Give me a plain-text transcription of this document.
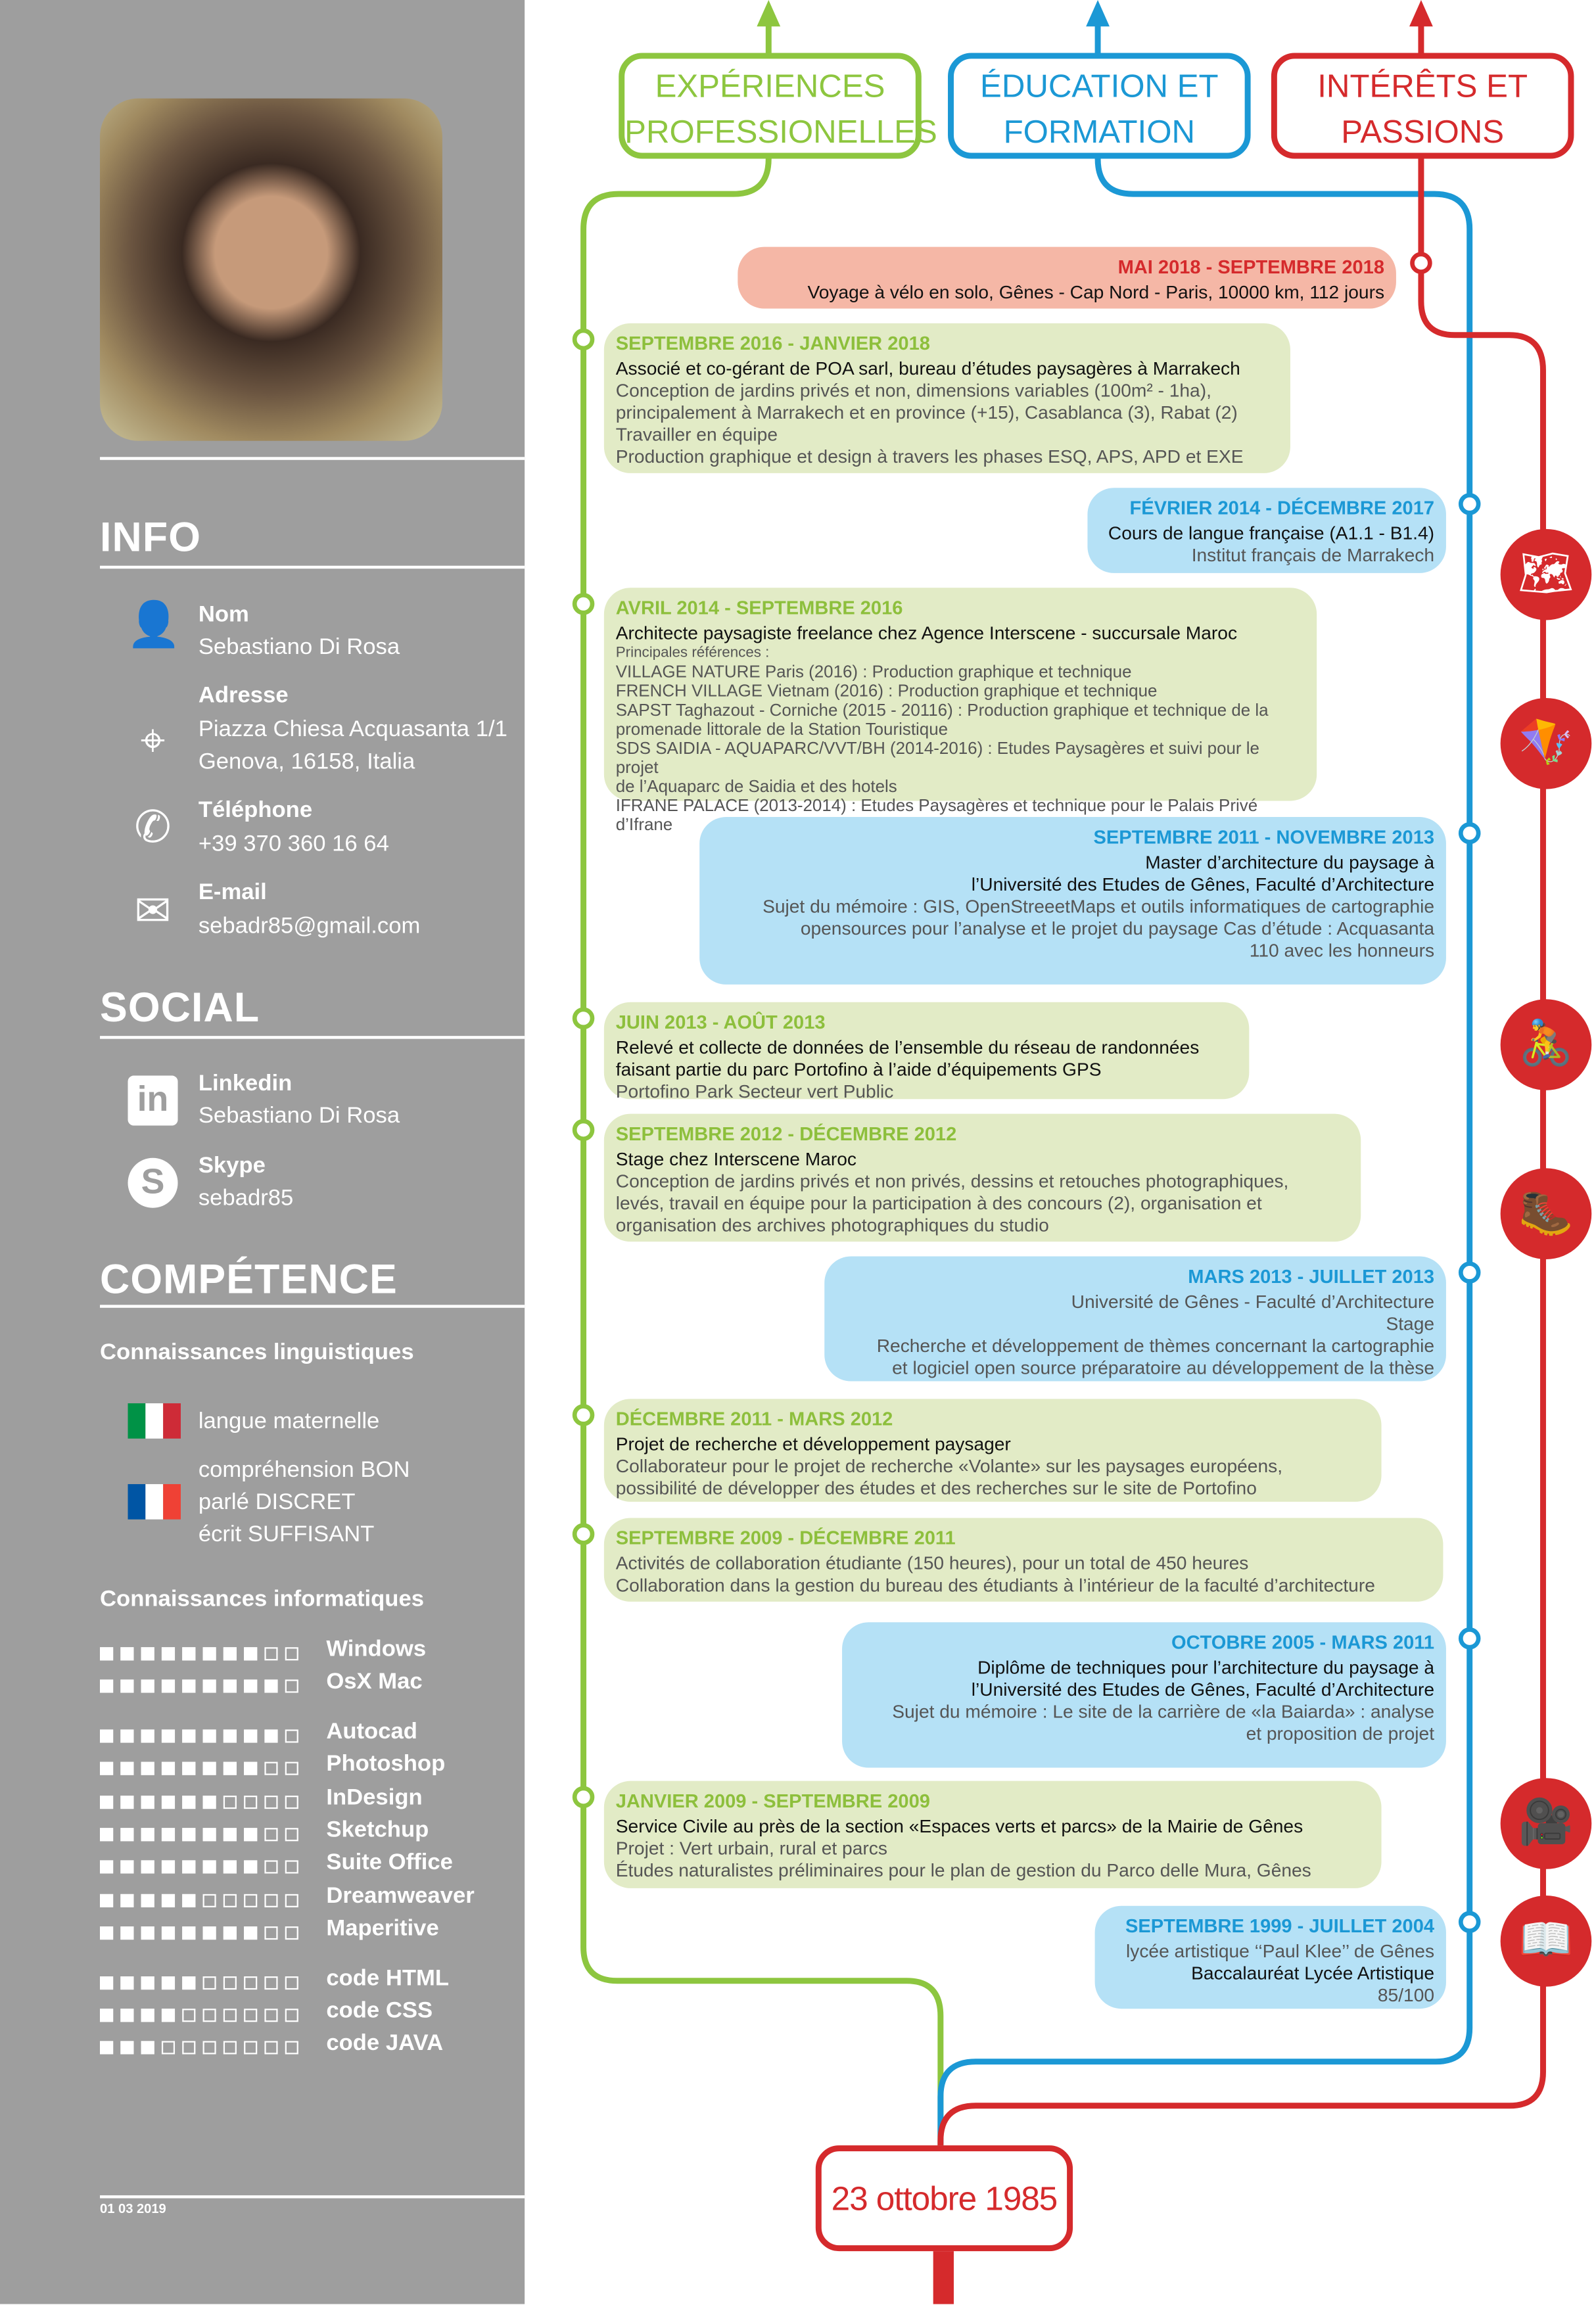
INFO
Nom
Sebastiano Di Rosa
👤
Adresse
Piazza Chiesa Acquasanta 1/1
Genova, 16158, Italia
⌖
Téléphone
+39 370 360 16 64
✆
E-mail
sebadr85@gmail.com
✉
SOCIAL
Linkedin
Sebastiano Di Rosa
in
Skype
sebadr85
S
COMPÉTENCE
Connaissances linguistiques
langue maternelle
compréhension BON
parlé DISCRET
écrit SUFFISANT
Connaissances informatiques
Windows
OsX Mac
Autocad
Photoshop
InDesign
Sketchup
Suite Office
Dreamweaver
Maperitive
code HTML
code CSS
code JAVA
01 03 2019
EXPÉRIENCES
PROFESSIONELLES
ÉDUCATION ET
FORMATION
INTÉRÊTS ET
PASSIONS
MAI 2018 - SEPTEMBRE 2018
Voyage à vélo en solo, Gênes - Cap Nord - Paris, 10000 km, 112 jours
SEPTEMBRE 2016 - JANVIER 2018
Associé et co-gérant de POA sarl, bureau d’études paysagères à Marrakech
Conception de jardins privés et non, dimensions variables (100m² - 1ha),
principalement à Marrakech et en province (+15), Casablanca (3), Rabat (2)
Travailler en équipe
Production graphique et design à travers les phases ESQ, APS, APD et EXE
FÉVRIER 2014 - DÉCEMBRE 2017
Cours de langue française (A1.1 - B1.4)
Institut français de Marrakech
AVRIL 2014 - SEPTEMBRE 2016
Architecte paysagiste freelance chez Agence Interscene - succursale Maroc
Principales références :
VILLAGE NATURE Paris (2016) : Production graphique et technique
FRENCH VILLAGE Vietnam (2016) : Production graphique et technique
SAPST Taghazout - Corniche (2015 - 20116) : Production graphique et technique de la
promenade littorale de la Station Touristique
SDS SAIDIA - AQUAPARC/VVT/BH (2014-2016) : Etudes Paysagères et suivi pour le projet
de l’Aquaparc de Saidia et des hotels
IFRANE PALACE (2013-2014) : Etudes Paysagères et technique pour le Palais Privé d’Ifrane
SEPTEMBRE 2011 - NOVEMBRE 2013
Master d’architecture du paysage à
l’Université des Etudes de Gênes, Faculté d’Architecture
Sujet du mémoire : GIS, OpenStreeetMaps et outils informatiques de cartographie
opensources pour l’analyse et le projet du paysage Cas d’étude : Acquasanta
110 avec les honneurs
JUIN 2013 - AOÛT 2013
Relevé et collecte de données de l’ensemble du réseau de randonnées
faisant partie du parc Portofino à l’aide d’équipements GPS
Portofino Park Secteur vert Public
SEPTEMBRE 2012 - DÉCEMBRE 2012
Stage chez Interscene Maroc
Conception de jardins privés et non privés, dessins et retouches photographiques,
levés, travail en équipe pour la participation à des concours (2), organisation et
organisation des archives photographiques du studio
MARS 2013 - JUILLET 2013
Université de Gênes - Faculté d’Architecture
Stage
Recherche et développement de thèmes concernant la cartographie
et logiciel open source préparatoire au développement de la thèse
DÉCEMBRE 2011 - MARS 2012
Projet de recherche et développement paysager
Collaborateur pour le projet de recherche «Volante» sur les paysages européens,
possibilité de développer des études et des recherches sur le site de Portofino
SEPTEMBRE 2009 - DÉCEMBRE 2011
Activités de collaboration étudiante (150 heures), pour un total de 450 heures
Collaboration dans la gestion du bureau des étudiants à l’intérieur de la faculté d’architecture
OCTOBRE 2005 - MARS 2011
Diplôme de techniques pour l’architecture du paysage à
l’Université des Etudes de Gênes, Faculté d’Architecture
Sujet du mémoire : Le site de la carrière de «la Baiarda» : analyse
et proposition de projet
JANVIER 2009 - SEPTEMBRE 2009
Service Civile au près de la section «Espaces verts et parcs» de la Mairie de Gênes
Projet : Vert urbain, rural et parcs
Études naturalistes préliminaires pour le plan de gestion du Parco delle Mura, Gênes
SEPTEMBRE 1999 - JUILLET 2004
lycée artistique ‘‘Paul Klee’’ de Gênes
Baccalauréat Lycée Artistique
85/100
🗺
🪁
🚴
🥾
🎥
📖
23 ottobre 1985
